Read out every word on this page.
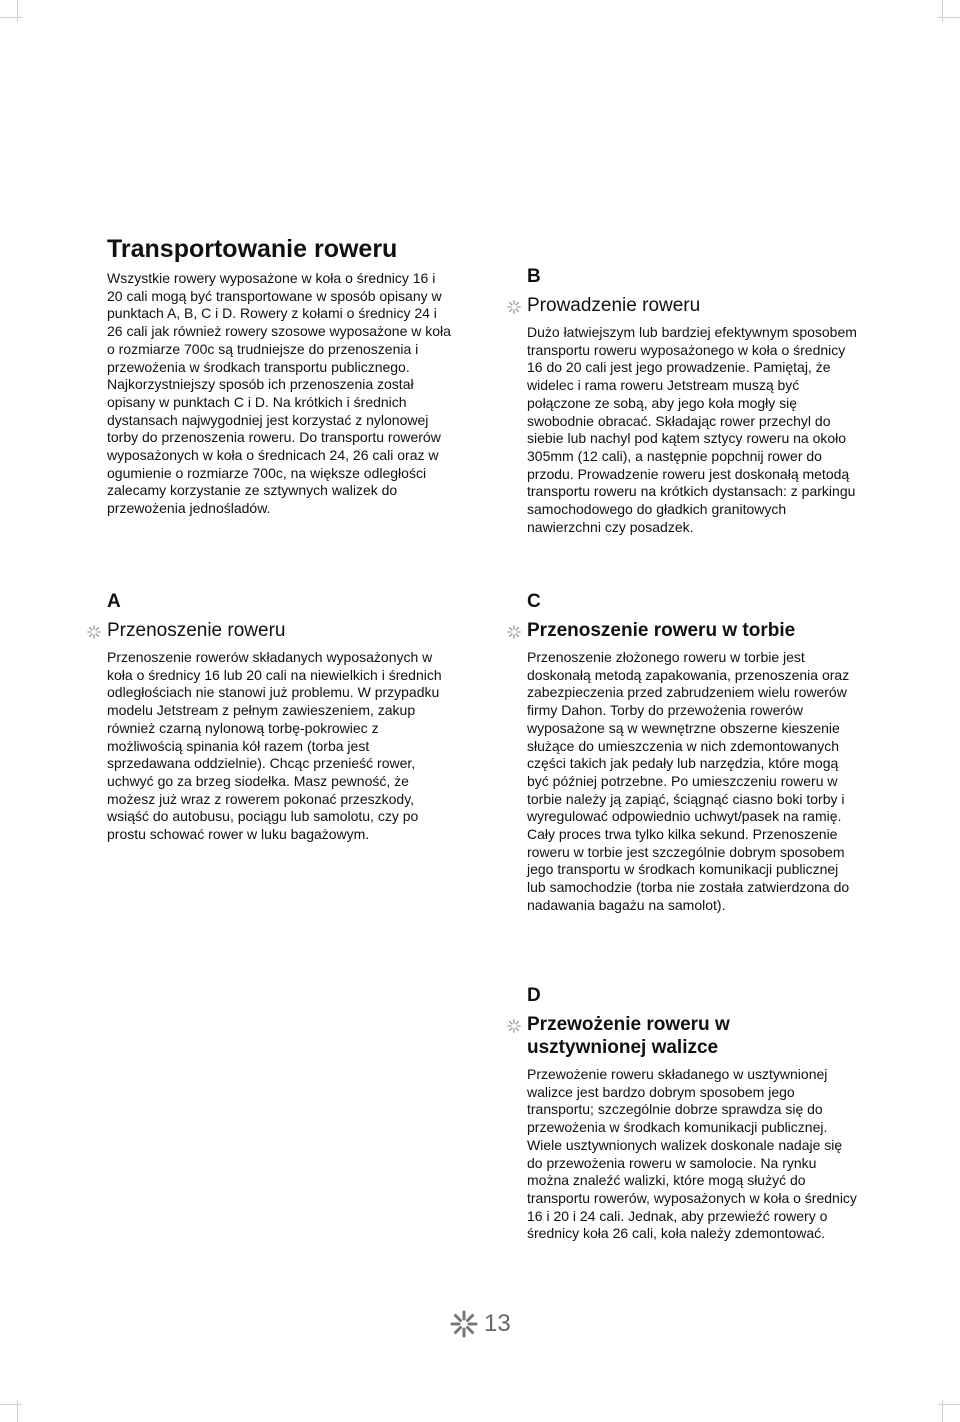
Transportowanie roweru

Wszystkie rowery wyposażone w koła o średnicy 16 i 20 cali mogą być transportowane w sposób opisany w punktach A, B, C i D. Rowery z kołami o średnicy 24 i 26 cali jak również rowery szosowe wyposażone w koła o rozmiarze 700c są trudniejsze do przenoszenia i przewożenia w środkach transportu publicznego. Najkorzystniejszy sposób ich przenoszenia został opisany w punktach C i D. Na krótkich i średnich dystansach najwygodniej jest korzystać z nylonowej torby do przenoszenia roweru. Do transportu rowerów wyposażonych w koła o średnicach 24, 26 cali oraz w ogumienie o rozmiarze 700c, na większe odległości zalecamy korzystanie ze sztywnych walizek do przewożenia jednośladów.

B
Prowadzenie roweru

Dużo łatwiejszym lub bardziej efektywnym sposobem transportu roweru wyposażonego w koła o średnicy 16 do 20 cali jest jego prowadzenie. Pamiętaj, że widelec i rama roweru Jetstream muszą być połączone ze sobą, aby jego koła mogły się swobodnie obracać. Składając rower przechyl do siebie lub nachyl pod kątem sztycy roweru na około 305mm (12 cali), a następnie popchnij rower do przodu. Prowadzenie roweru jest doskonałą metodą transportu roweru na krótkich dystansach: z parkingu samochodowego do gładkich granitowych nawierzchni czy posadzek.

A
Przenoszenie roweru

Przenoszenie rowerów składanych wyposażonych w koła o średnicy 16 lub 20 cali na niewielkich i średnich odległościach nie stanowi już problemu. W przypadku modelu Jetstream z pełnym zawieszeniem, zakup również czarną nylonową torbę-pokrowiec z możliwością spinania kół razem (torba jest sprzedawana oddzielnie). Chcąc przenieść rower, uchwyć go za brzeg siodełka. Masz pewność, że możesz już wraz z rowerem pokonać przeszkody, wsiąść do autobusu, pociągu lub samolotu, czy po prostu schować rower w luku bagażowym.

C
Przenoszenie roweru w torbie

Przenoszenie złożonego roweru w torbie jest doskonałą metodą zapakowania, przenoszenia oraz zabezpieczenia przed zabrudzeniem wielu rowerów firmy Dahon. Torby do przewożenia rowerów wyposażone są w wewnętrzne obszerne kieszenie służące do umieszczenia w nich zdemontowanych części takich jak pedały lub narzędzia, które mogą być później potrzebne. Po umieszczeniu roweru w torbie należy ją zapiąć, ściągnąć ciasno boki torby i wyregulować odpowiednio uchwyt/pasek na ramię. Cały proces trwa tylko kilka sekund. Przenoszenie roweru w torbie jest szczególnie dobrym sposobem jego transportu w środkach komunikacji publicznej lub samochodzie (torba nie została zatwierdzona do nadawania bagażu na samolot).

D
Przewożenie roweru w usztywnionej walizce

Przewożenie roweru składanego w usztywnionej walizce jest bardzo dobrym sposobem jego transportu; szczególnie dobrze sprawdza się do przewożenia w środkach komunikacji publicznej. Wiele usztywnionych walizek doskonale nadaje się do przewożenia roweru w samolocie. Na rynku można znaleźć walizki, które mogą służyć do transportu rowerów, wyposażonych w koła o średnicy 16 i 20 i 24 cali. Jednak, aby przewieźć rowery o średnicy koła 26 cali, koła należy zdemontować.

13
